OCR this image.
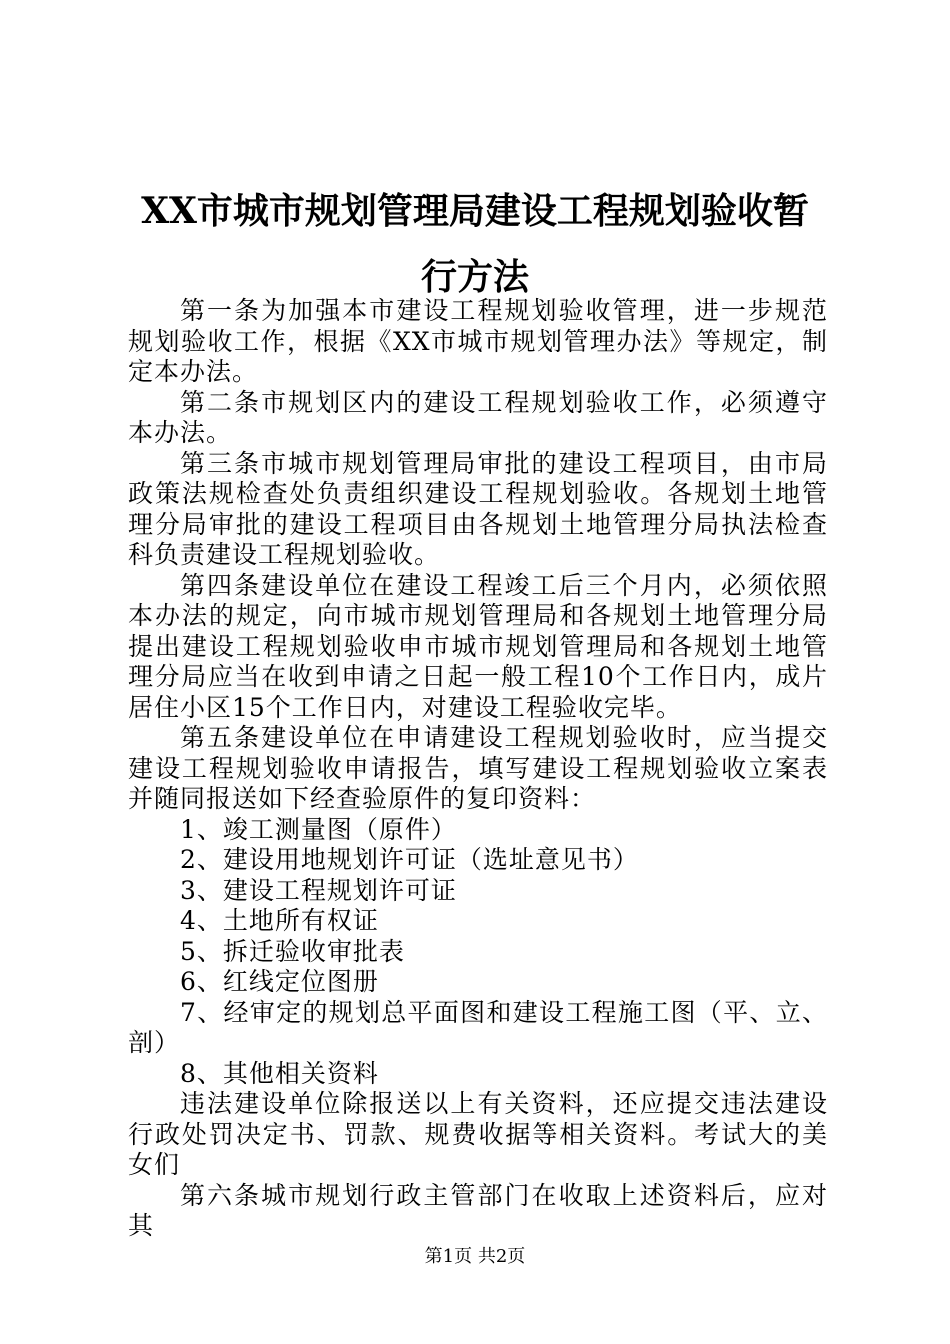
XX市城市规划管理局建设工程规划验收暂行方法

第一条为加强本市建设工程规划验收管理，进一步规范规划验收工作，根据《XX市城市规划管理办法》等规定，制定本办法。

第二条市规划区内的建设工程规划验收工作，必须遵守本办法。

第三条市城市规划管理局审批的建设工程项目，由市局政策法规检查处负责组织建设工程规划验收。各规划土地管理分局审批的建设工程项目由各规划土地管理分局执法检查科负责建设工程规划验收。

第四条建设单位在建设工程竣工后三个月内，必须依照本办法的规定，向市城市规划管理局和各规划土地管理分局提出建设工程规划验收申市城市规划管理局和各规划土地管理分局应当在收到申请之日起一般工程10个工作日内，成片居住小区15个工作日内，对建设工程验收完毕。

第五条建设单位在申请建设工程规划验收时，应当提交建设工程规划验收申请报告，填写建设工程规划验收立案表并随同报送如下经查验原件的复印资料：

1、竣工测量图（原件）

2、建设用地规划许可证（选址意见书）

3、建设工程规划许可证

4、土地所有权证

5、拆迁验收审批表

6、红线定位图册

7、经审定的规划总平面图和建设工程施工图（平、立、剖）

8、其他相关资料

违法建设单位除报送以上有关资料，还应提交违法建设行政处罚决定书、罚款、规费收据等相关资料。考试大的美女们

第六条城市规划行政主管部门在收取上述资料后，应对其

第1页 共2页
